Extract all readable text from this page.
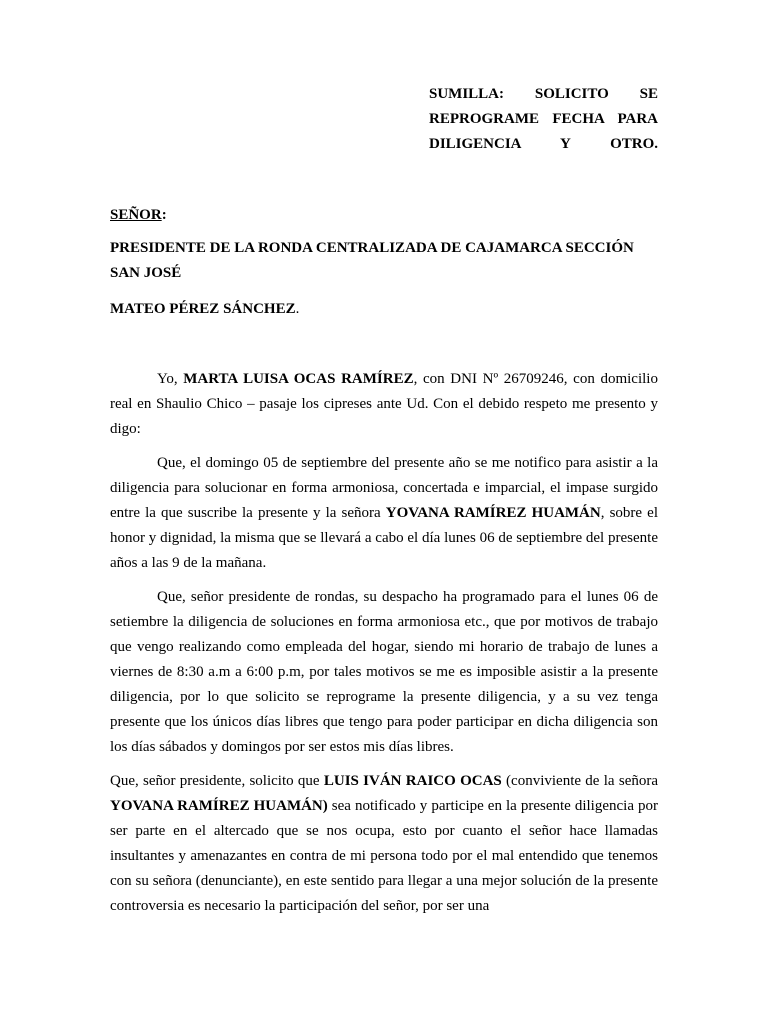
SUMILLA: SOLICITO SE
REPROGRAME FECHA PARA
DILIGENCIA Y OTRO.
SEÑOR:
PRESIDENTE DE LA RONDA CENTRALIZADA DE CAJAMARCA SECCIÓN SAN JOSÉ
MATEO PÉREZ SÁNCHEZ.

Yo, MARTA LUISA OCAS RAMÍREZ, con DNI Nº 26709246, con domicilio real en Shaulio Chico – pasaje los cipreses ante Ud. Con el debido respeto me presento y digo:

Que, el domingo 05 de septiembre del presente año se me notifico para asistir a la diligencia para solucionar en forma armoniosa, concertada e imparcial, el impase surgido entre la que suscribe la presente y la señora YOVANA RAMÍREZ HUAMÁN, sobre el honor y dignidad, la misma que se llevará a cabo el día lunes 06 de septiembre del presente años a las 9 de la mañana.

Que, señor presidente de rondas, su despacho ha programado para el lunes 06 de setiembre la diligencia de soluciones en forma armoniosa etc., que por motivos de trabajo que vengo realizando como empleada del hogar, siendo mi horario de trabajo de lunes a viernes de 8:30 a.m a 6:00 p.m, por tales motivos se me es imposible asistir a la presente diligencia, por lo que solicito se reprograme la presente diligencia, y a su vez tenga presente que los únicos días libres que tengo para poder participar en dicha diligencia son los días sábados y domingos por ser estos mis días libres.

Que, señor presidente, solicito que LUIS IVÁN RAICO OCAS (conviviente de la señora YOVANA RAMÍREZ HUAMÁN) sea notificado y participe en la presente diligencia por ser parte en el altercado que se nos ocupa, esto por cuanto el señor hace llamadas insultantes y amenazantes en contra de mi persona todo por el mal entendido que tenemos con su señora (denunciante), en este sentido para llegar a una mejor solución de la presente controversia es necesario la participación del señor, por ser una
